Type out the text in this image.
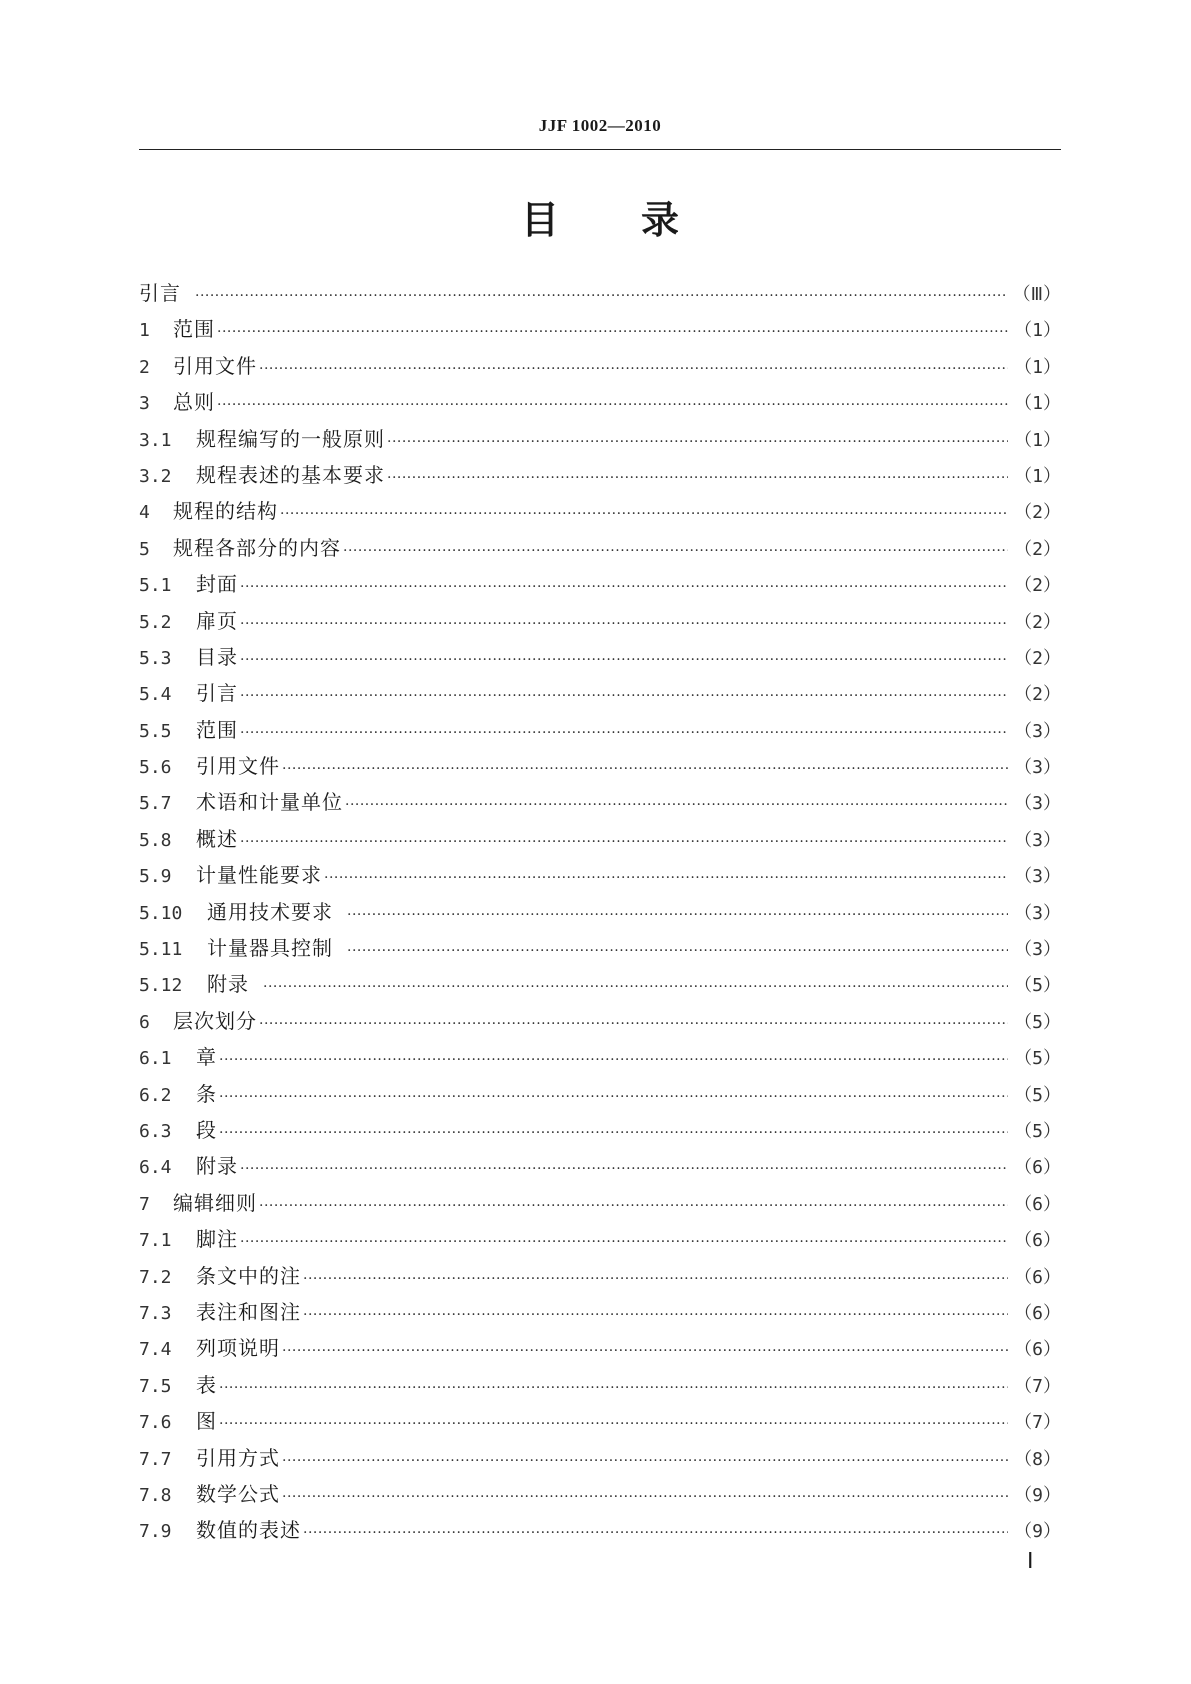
JJF 1002—2010
目 录
引言 ·····	（Ⅲ）
1	范围 ·····	（1）
2	引用文件 ·····	（1）
3	总则 ·····	（1）
3.1	规程编写的一般原则 ·····	（1）
3.2	规程表述的基本要求 ·····	（1）
4	规程的结构 ·····	（2）
5	规程各部分的内容 ·····	（2）
5.1	封面 ·····	（2）
5.2	扉页 ·····	（2）
5.3	目录 ·····	（2）
5.4	引言 ·····	（2）
5.5	范围 ·····	（3）
5.6	引用文件 ·····	（3）
5.7	术语和计量单位 ·····	（3）
5.8	概述 ·····	（3）
5.9	计量性能要求 ·····	（3）
5.10	通用技术要求 ·····	（3）
5.11	计量器具控制 ·····	（3）
5.12	附录 ·····	（5）
6	层次划分 ·····	（5）
6.1	章 ·····	（5）
6.2	条 ·····	（5）
6.3	段 ·····	（5）
6.4	附录 ·····	（6）
7	编辑细则 ·····	（6）
7.1	脚注 ·····	（6）
7.2	条文中的注 ·····	（6）
7.3	表注和图注 ·····	（6）
7.4	列项说明 ·····	（6）
7.5	表 ·····	（7）
7.6	图 ·····	（7）
7.7	引用方式 ·····	（8）
7.8	数学公式 ·····	（9）
7.9	数值的表述 ·····	（9）
Ⅰ
